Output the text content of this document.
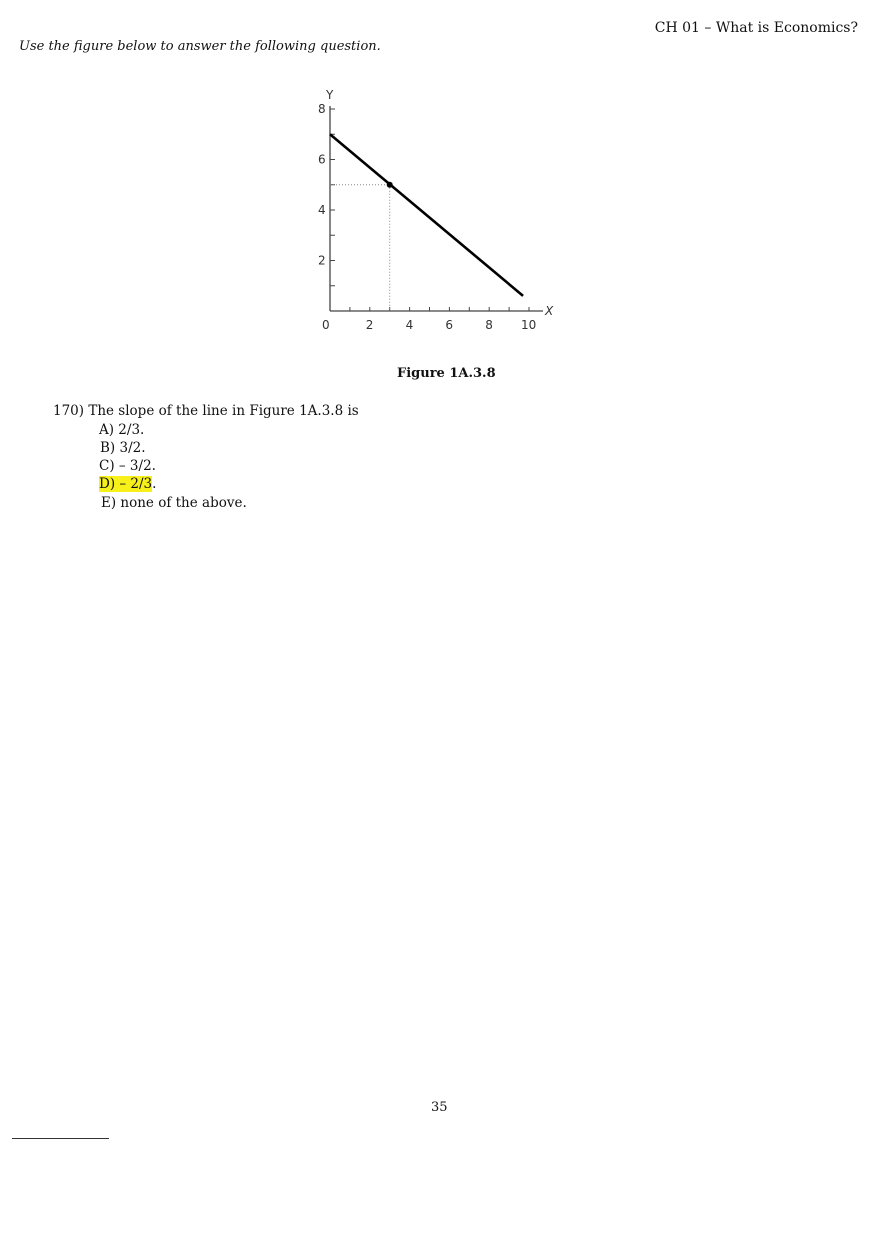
CH 01 – What is Economics?
Use the figure below to answer the following question.
0	2	4	6	8 10
2
4
6
8
X
Y
Figure 1A.3.8
170) The slope of the line in Figure 1A.3.8 is
A) 2/3.
B) 3/2.
C) – 3/2.
D) – 2/3.
E) none of the above.
35
